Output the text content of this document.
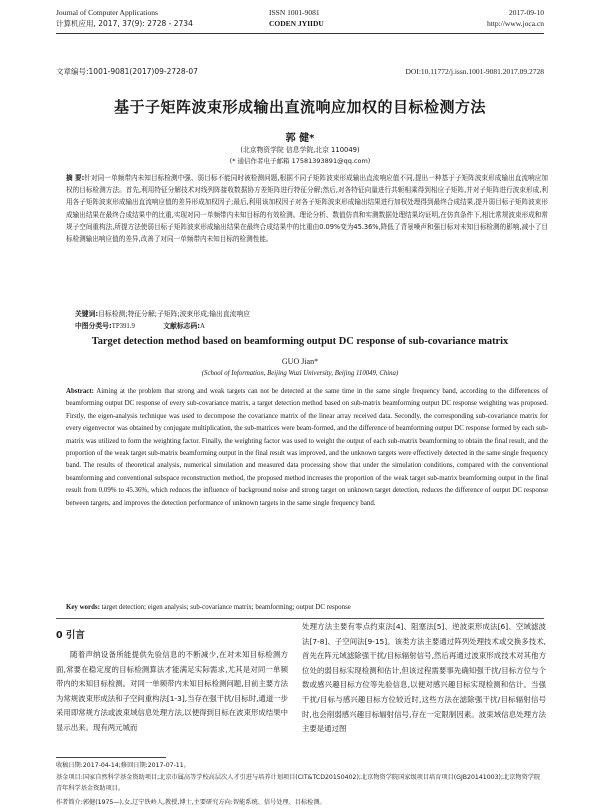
Journal of Computer Applications
计算机应用, 2017, 37(9): 2728 - 2734
ISSN 1001-9081
CODEN JYIIDU
2017-09-10
http://www.joca.cn
文章编号:1001-9081(2017)09-2728-07	DOI:10.11772/j.issn.1001-9081.2017.09.2728
基于子矩阵波束形成输出直流响应加权的目标检测方法
郭 健*
(北京物资学院 信息学院,北京 110049)
(* 通信作者电子邮箱 17581393891@qq.com)
摘 要:针对同一单频带内未知目标检测中强、弱目标不能同时被检测问题,根据不同子矩阵波束形成输出直流响应值不同,提出一种基于子矩阵波束形成输出直流响应加权的目标检测方法。首先,利用特征分解技术对线列阵接收数据协方差矩阵进行特征分解;然后,对各特征向量进行共轭相乘得到相应子矩阵,并对子矩阵进行波束形成,利用各子矩阵波束形成输出直流响应值的差异形成加权因子;最后,利用该加权因子对各子矩阵波束形成输出结果进行加权处理得到最终合成结果,提升弱目标子矩阵波束形成输出结果在最终合成结果中的比重,实现对同一单频带内未知目标的有效检测。理论分析、数值仿真和实测数据处理结果均证明,在仿真条件下,相比常规波束形成和常规子空间重构法,所提方法使弱目标子矩阵波束形成输出结果在最终合成结果中的比重由0.09%变为45.36%,降低了背景噪声和强目标对未知目标检测的影响,减小了目标检测输出响应值的差异,改善了对同一单频带内未知目标的检测性能。
关键词:目标检测;特征分解;子矩阵;波束形成;输出直流响应
中图分类号:TP391.9	文献标志码:A
Target detection method based on beamforming output DC response of sub-covariance matrix
GUO Jian*
(School of Information, Beijing Wuzi University, Beijing 110049, China)
Abstract: Aiming at the problem that strong and weak targets can not be detected at the same time in the same single frequency band, according to the differences of beamforming output DC response of every sub-covariance matrix, a target detection method based on sub-matrix beamforming output DC response weighting was proposed. Firstly, the eigen-analysis technique was used to decompose the covariance matrix of the linear array received data. Secondly, the corresponding sub-covariance matrix for every eigenvector was obtained by conjugate multiplication, the sub-matrices were beam-formed, and the difference of beamforming output DC response formed by each sub-matrix was utilized to form the weighting factor. Finally, the weighting factor was used to weight the output of each sub-matrix beamforming to obtain the final result, and the proportion of the weak target sub-matrix beamforming output in the final result was improved, and the unknown targets were effectively detected in the same single frequency band. The results of theoretical analysis, numerical simulation and measured data processing show that under the simulation conditions, compared with the conventional beamforming and conventional subspace reconstruction method, the proposed method increases the proportion of the weak target sub-matrix beamforming output in the final result from 0.09% to 45.36%, which reduces the influence of background noise and strong target on unknown target detection, reduces the difference of output DC response between targets, and improves the detection performance of unknown targets in the same single frequency band.
Key words: target detection; eigen analysis; sub-covariance matrix; beamforming; output DC response
0 引言
随着声纳设备所能提供先验信息的不断减少,在对未知目标检测方面,常要在稳定度的目标检测算法才能满足实际需求,尤其是对同一单频带内的未知目标检测。对同一单频带内未知目标检测问题,目前主要方法为常规波束形成法和子空间重构法[1-3],当存在强干扰/目标时,通道一步采用即常规方法或波束域信息处理方法,以便得到目标在波束形成结果中显示出来。现有两元城而
处理方法主要有零点约束法[4]、阻塞法[5]、逆波束形成法[6]、空域滤波法[7-8]、子空间法[9-15]。该类方法主要通过阵列处理技术或交换多技术,首先在阵元域滤除强干扰/目标辐射信号,然后再通过波束形成技术对其他方位处的弱目标实现检测和估计,但该过程需要事先确知强干扰/目标方位与个数或感兴趣目标方位等先验信息,以便对感兴趣目标实现检测和估计。当强干扰/目标与感兴趣目标方位较近时,这些方法在滤除强干扰/目标辐射信号时,也会削弱感兴趣目标辐射信号,存在一定限制因素。波束域信息处理方法主要是通过图
收稿日期:2017-04-14;修回日期:2017-07-11。
基金项目:国家自然科学基金资助项目;北京市属高等学校高层次人才引进与培养计划项目(CIT&TCD20150402);北京物资学院国家级项目培育项目(GJB20141003);北京物资学院青年科学基金资助项目。
作者简介:郭健(1975—),女,辽宁铁岭人,教授,博士,主要研究方向:智能系统、信号处理、目标检测。
